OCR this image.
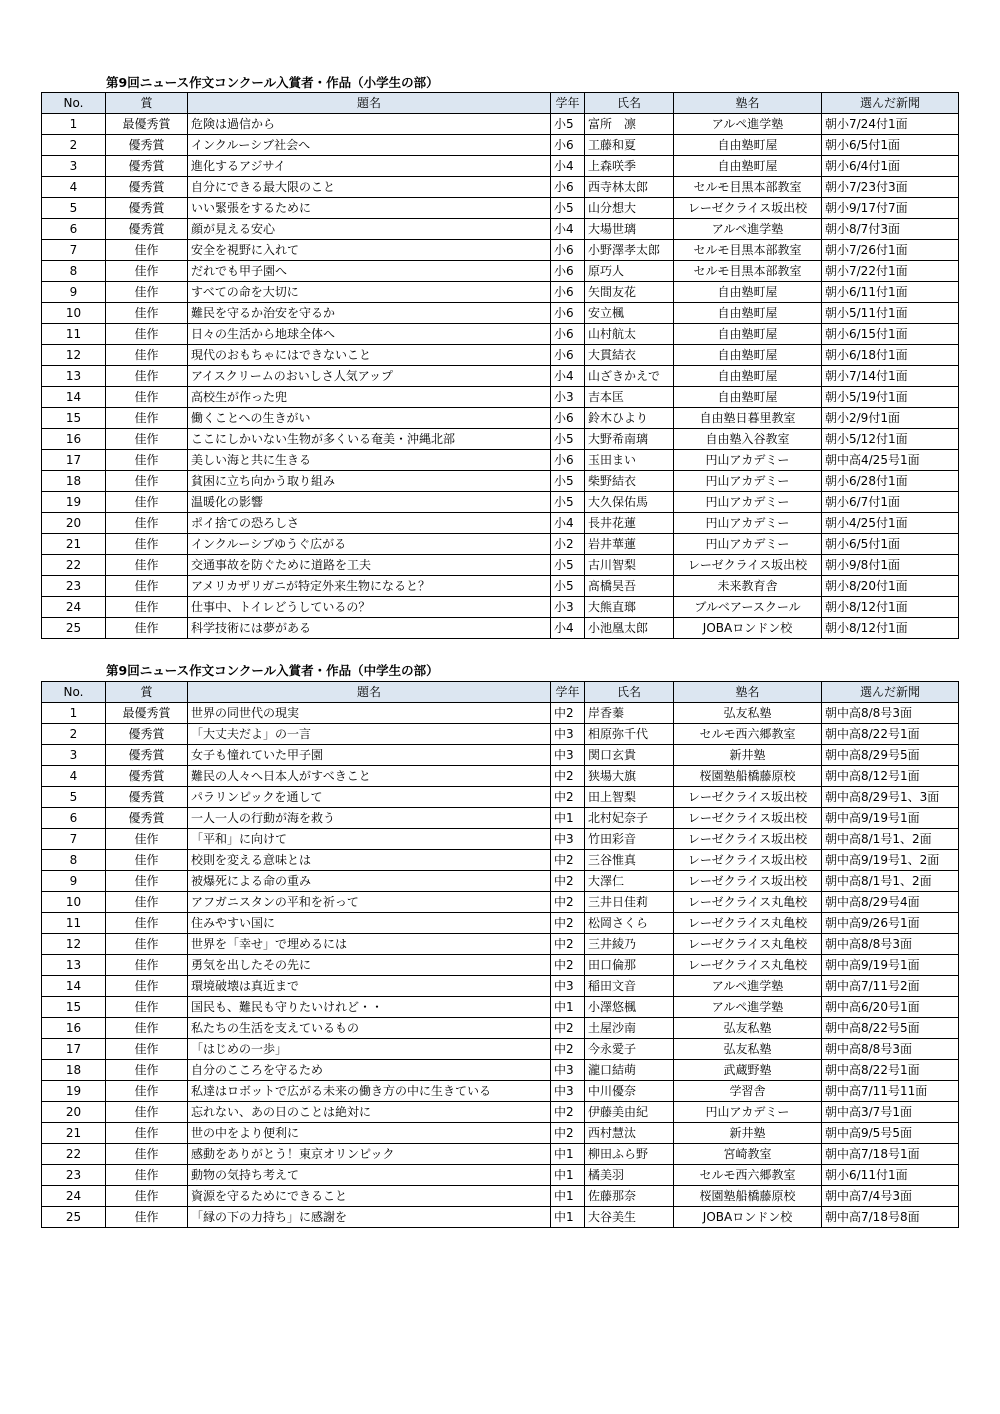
第9回ニュース作文コンクール入賞者・作品（小学生の部）
No.	賞	題名	学年	氏名	塾名	選んだ新聞
1	最優秀賞	危険は過信から	小5	富所　凛	アルペ進学塾	朝小7/24付1面
2	優秀賞	インクルーシブ社会へ	小6	工藤和夏	自由塾町屋	朝小6/5付1面
3	優秀賞	進化するアジサイ	小4	上森咲季	自由塾町屋	朝小6/4付1面
4	優秀賞	自分にできる最大限のこと	小6	西寺林太郎	セルモ目黒本部教室	朝小7/23付3面
5	優秀賞	いい緊張をするために	小5	山分想大	レーゼクライス坂出校	朝小9/17付7面
6	優秀賞	顔が見える安心	小4	大場世璃	アルペ進学塾	朝小8/7付3面
7	佳作	安全を視野に入れて	小6	小野澤孝太郎	セルモ目黒本部教室	朝小7/26付1面
8	佳作	だれでも甲子園へ	小6	原巧人	セルモ目黒本部教室	朝小7/22付1面
9	佳作	すべての命を大切に	小6	矢間友花	自由塾町屋	朝小6/11付1面
10	佳作	難民を守るか治安を守るか	小6	安立楓	自由塾町屋	朝小5/11付1面
11	佳作	日々の生活から地球全体へ	小6	山村航太	自由塾町屋	朝小6/15付1面
12	佳作	現代のおもちゃにはできないこと	小6	大貫結衣	自由塾町屋	朝小6/18付1面
13	佳作	アイスクリームのおいしさ人気アップ	小4	山ざきかえで	自由塾町屋	朝小7/14付1面
14	佳作	高校生が作った兜	小3	吉本匡	自由塾町屋	朝小5/19付1面
15	佳作	働くことへの生きがい	小6	鈴木ひより	自由塾日暮里教室	朝小2/9付1面
16	佳作	ここにしかいない生物が多くいる奄美・沖縄北部	小5	大野希南璃	自由塾入谷教室	朝小5/12付1面
17	佳作	美しい海と共に生きる	小6	玉田まい	円山アカデミー	朝中高4/25号1面
18	佳作	貧困に立ち向かう取り組み	小5	柴野結衣	円山アカデミー	朝小6/28付1面
19	佳作	温暖化の影響	小5	大久保佑馬	円山アカデミー	朝小6/7付1面
20	佳作	ポイ捨ての恐ろしさ	小4	長井花蓮	円山アカデミー	朝小4/25付1面
21	佳作	インクルーシブゆうぐ広がる	小2	岩井華蓮	円山アカデミー	朝小6/5付1面
22	佳作	交通事故を防ぐために道路を工夫	小5	古川智梨	レーゼクライス坂出校	朝小9/8付1面
23	佳作	アメリカザリガニが特定外来生物になると？	小5	髙橋昊吾	未来教育舎	朝小8/20付1面
24	佳作	仕事中、トイレどうしているの？	小3	大熊直瑯	ブルベアースクール	朝小8/12付1面
25	佳作	科学技術には夢がある	小4	小池凰太郎	JOBAロンドン校	朝小8/12付1面
第9回ニュース作文コンクール入賞者・作品（中学生の部）
No.	賞	題名	学年	氏名	塾名	選んだ新聞
1	最優秀賞	世界の同世代の現実	中2	岸香蓁	弘友私塾	朝中高8/8号3面
2	優秀賞	「大丈夫だよ」の一言	中3	相原弥千代	セルモ西六郷教室	朝中高8/22号1面
3	優秀賞	女子も憧れていた甲子園	中3	関口玄貴	新井塾	朝中高8/29号5面
4	優秀賞	難民の人々へ日本人がすべきこと	中2	狭場大旗	桜園塾船橋藤原校	朝中高8/12号1面
5	優秀賞	パラリンピックを通して	中2	田上智梨	レーゼクライス坂出校	朝中高8/29号1、3面
6	優秀賞	一人一人の行動が海を救う	中1	北村妃奈子	レーゼクライス坂出校	朝中高9/19号1面
7	佳作	「平和」に向けて	中3	竹田彩音	レーゼクライス坂出校	朝中高8/1号1、2面
8	佳作	校則を変える意味とは	中2	三谷惟真	レーゼクライス坂出校	朝中高9/19号1、2面
9	佳作	被爆死による命の重み	中2	大澤仁	レーゼクライス坂出校	朝中高8/1号1、2面
10	佳作	アフガニスタンの平和を祈って	中2	三井日佳莉	レーゼクライス丸亀校	朝中高8/29号4面
11	佳作	住みやすい国に	中2	松岡さくら	レーゼクライス丸亀校	朝中高9/26号1面
12	佳作	世界を「幸せ」で埋めるには	中2	三井綾乃	レーゼクライス丸亀校	朝中高8/8号3面
13	佳作	勇気を出したその先に	中2	田口倫那	レーゼクライス丸亀校	朝中高9/19号1面
14	佳作	環境破壊は真近まで	中3	稲田文音	アルペ進学塾	朝中高7/11号2面
15	佳作	国民も、難民も守りたいけれど・・	中1	小澤悠楓	アルペ進学塾	朝中高6/20号1面
16	佳作	私たちの生活を支えているもの	中2	土屋沙南	弘友私塾	朝中高8/22号5面
17	佳作	「はじめの一歩」	中2	今永愛子	弘友私塾	朝中高8/8号3面
18	佳作	自分のこころを守るため	中3	瀧口結萌	武蔵野塾	朝中高8/22号1面
19	佳作	私達はロボットで広がる未来の働き方の中に生きている	中3	中川優奈	学習舎	朝中高7/11号11面
20	佳作	忘れない、あの日のことは絶対に	中2	伊藤美由紀	円山アカデミー	朝中高3/7号1面
21	佳作	世の中をより便利に	中2	西村慧汰	新井塾	朝中高9/5号5面
22	佳作	感動をありがとう！東京オリンピック	中1	柳田ふら野	宮崎教室	朝中高7/18号1面
23	佳作	動物の気持ち考えて	中1	橘美羽	セルモ西六郷教室	朝小6/11付1面
24	佳作	資源を守るためにできること	中1	佐藤那奈	桜園塾船橋藤原校	朝中高7/4号3面
25	佳作	「縁の下の力持ち」に感謝を	中1	大谷美生	JOBAロンドン校	朝中高7/18号8面
